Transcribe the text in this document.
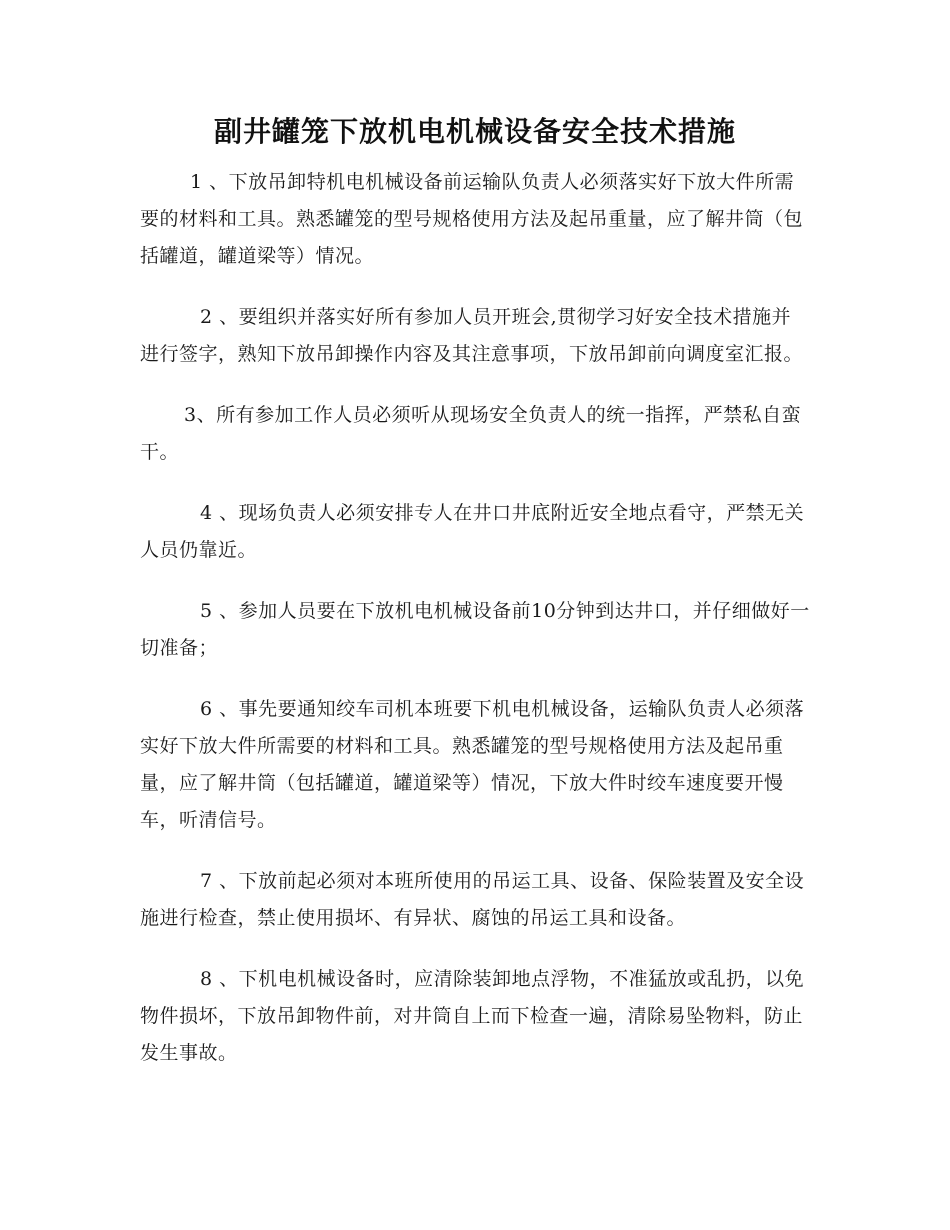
副井罐笼下放机电机械设备安全技术措施

1 、下放吊卸特机电机械设备前运输队负责人必须落实好下放大件所需要的材料和工具。熟悉罐笼的型号规格使用方法及起吊重量，应了解井筒（包括罐道，罐道梁等）情况。

2 、要组织并落实好所有参加人员开班会,贯彻学习好安全技术措施并进行签字，熟知下放吊卸操作内容及其注意事项，下放吊卸前向调度室汇报。

3、所有参加工作人员必须听从现场安全负责人的统一指挥，严禁私自蛮干。

4 、现场负责人必须安排专人在井口井底附近安全地点看守，严禁无关人员仍靠近。

5 、参加人员要在下放机电机械设备前10分钟到达井口，并仔细做好一切准备；

6 、事先要通知绞车司机本班要下机电机械设备，运输队负责人必须落实好下放大件所需要的材料和工具。熟悉罐笼的型号规格使用方法及起吊重量，应了解井筒（包括罐道，罐道梁等）情况，下放大件时绞车速度要开慢车，听清信号。

7 、下放前起必须对本班所使用的吊运工具、设备、保险装置及安全设施进行检查，禁止使用损坏、有异状、腐蚀的吊运工具和设备。

8 、下机电机械设备时，应清除装卸地点浮物，不准猛放或乱扔，以免物件损坏，下放吊卸物件前，对井筒自上而下检查一遍，清除易坠物料，防止发生事故。
